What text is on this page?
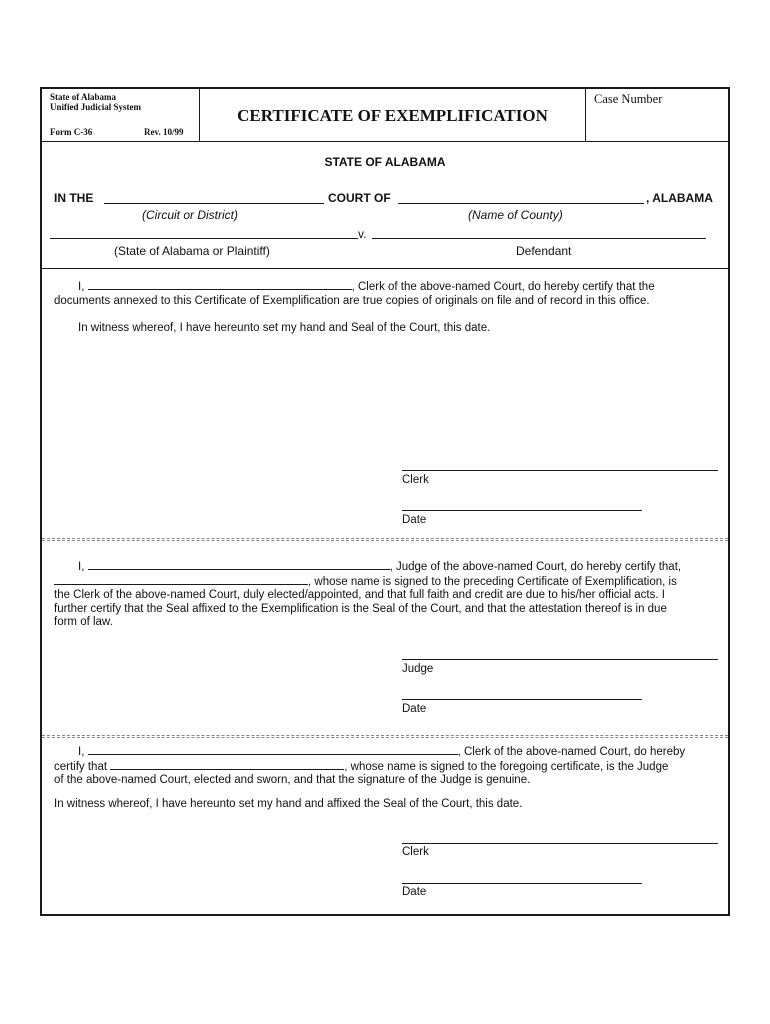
State of Alabama
Unified Judicial System
Form C-36	Rev. 10/99
CERTIFICATE OF EXEMPLIFICATION
Case Number
STATE OF ALABAMA
IN THE	COURT OF	, ALABAMA
(Circuit or District)	(Name of County)
v.
(State of Alabama or Plaintiff)	Defendant
I,	, Clerk of the above-named Court, do hereby certify that the
documents annexed to this Certificate of Exemplification are true copies of originals on file and of record in this office.
In witness whereof, I have hereunto set my hand and Seal of the Court, this date.
Clerk
Date
I,	, Judge of the above-named Court, do hereby certify that,
, whose name is signed to the preceding Certificate of Exemplification, is
the Clerk of the above-named Court, duly elected/appointed, and that full faith and credit are due to his/her official acts. I
further certify that the Seal affixed to the Exemplification is the Seal of the Court, and that the attestation thereof is in due
form of law.
Judge
Date
I,	, Clerk of the above-named Court, do hereby
certify that	, whose name is signed to the foregoing certificate, is the Judge
of the above-named Court, elected and sworn, and that the signature of the Judge is genuine.
In witness whereof, I have hereunto set my hand and affixed the Seal of the Court, this date.
Clerk
Date
